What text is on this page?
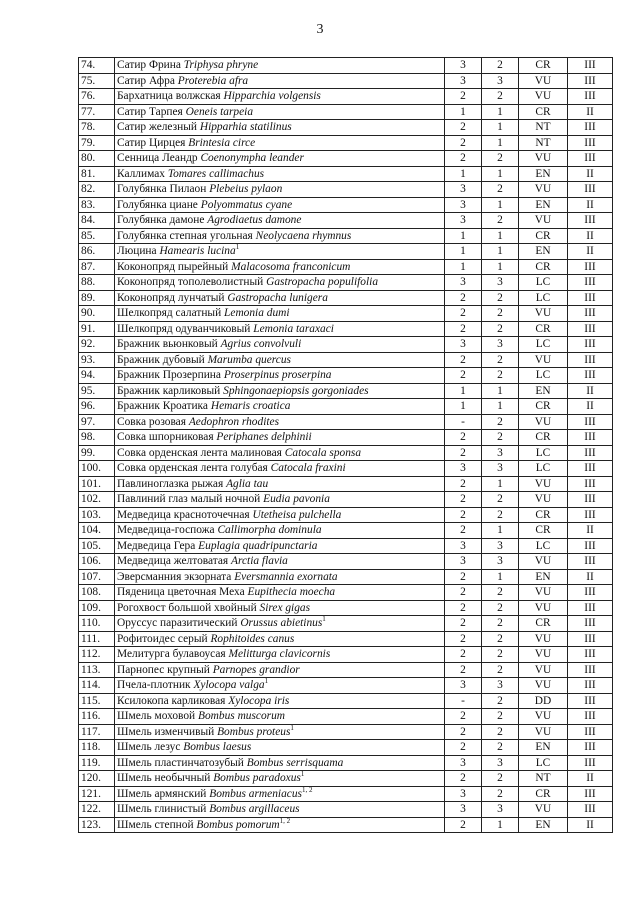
3
74.	Сатир Фрина Triphysa phryne	3	2	CR	III
75.	Сатир Афра Proterebia afra	3	3	VU	III
76.	Бархатница волжская Hipparchia volgensis	2	2	VU	III
77.	Сатир Тарпея Oeneis tarpeia	1	1	CR	II
78.	Сатир железный Hipparhia statilinus	2	1	NT	III
79.	Сатир Цирцея Brintesia circe	2	1	NT	III
80.	Сенница Леандр Coenonympha leander	2	2	VU	III
81.	Каллимах Tomares callimachus	1	1	EN	II
82.	Голубянка Пилаон Plebeius pylaon	3	2	VU	III
83.	Голубянка циане Polyommatus cyane	3	1	EN	II
84.	Голубянка дамоне Agrodiaetus damone	3	2	VU	III
85.	Голубянка степная угольная Neolycaena rhymnus	1	1	CR	II
86.	Люцина Hamearis lucina$^1$	1	1	EN	II
87.	Коконопряд пырейный Malacosoma franconicum	1	1	CR	III
88.	Коконопряд тополеволистный Gastropacha populifolia	3	3	LC	III
89.	Коконопряд лунчатый Gastropacha lunigera	2	2	LC	III
90.	Шелкопряд салатный Lemonia dumi	2	2	VU	III
91.	Шелкопряд одуванчиковый Lemonia taraxaci	2	2	CR	III
92.	Бражник вьюнковый Agrius convolvuli	3	3	LC	III
93.	Бражник дубовый Marumba quercus	2	2	VU	III
94.	Бражник Прозерпина Proserpinus proserpina	2	2	LC	III
95.	Бражник карликовый Sphingonaepiopsis gorgoniades	1	1	EN	II
96.	Бражник Кроатика Hemaris croatica	1	1	CR	II
97.	Совка розовая Aedophron rhodites	-	2	VU	III
98.	Совка шпорниковая Periphanes delphinii	2	2	CR	III
99.	Совка орденская лента малиновая Catocala sponsa	2	3	LC	III
100.	Совка орденская лента голубая Catocala fraxini	3	3	LC	III
101.	Павлиноглазка рыжая Aglia tau	2	1	VU	III
102.	Павлиний глаз малый ночной Eudia pavonia	2	2	VU	III
103.	Медведица красноточечная Utetheisa pulchella	2	2	CR	III
104.	Медведица-госпожа Callimorpha dominula	2	1	CR	II
105.	Медведица Гера Euplagia quadripunctaria	3	3	LC	III
106.	Медведица желтоватая Arctia flavia	3	3	VU	III
107.	Эверсманния экзорната Eversmannia exornata	2	1	EN	II
108.	Пяденица цветочная Меха Eupithecia moecha	2	2	VU	III
109.	Рогохвост большой хвойный Sirex gigas	2	2	VU	III
110.	Оруссус паразитический Orussus abietinus$^1$	2	2	CR	III
111.	Рофитоидес серый Rophitoides canus	2	2	VU	III
112.	Мелитурга булавоусая Melitturga clavicornis	2	2	VU	III
113.	Парнопес крупный Parnopes grandior	2	2	VU	III
114.	Пчела-плотник Xylocopa valga$^1$	3	3	VU	III
115.	Ксилокопа карликовая Xylocopa iris	-	2	DD	III
116.	Шмель моховой Bombus muscorum	2	2	VU	III
117.	Шмель изменчивый Bombus proteus$^1$	2	2	VU	III
118.	Шмель лезус Bombus laesus	2	2	EN	III
119.	Шмель пластинчатозубый Bombus serrisquama	3	3	LC	III
120.	Шмель необычный Bombus paradoxus$^1$	2	2	NT	II
121.	Шмель армянский Bombus armeniacus$^{1, 2}$	3	2	CR	III
122.	Шмель глинистый Bombus argillaceus	3	3	VU	III
123.	Шмель степной Bombus pomorum$^{1, 2}$	2	1	EN	II
